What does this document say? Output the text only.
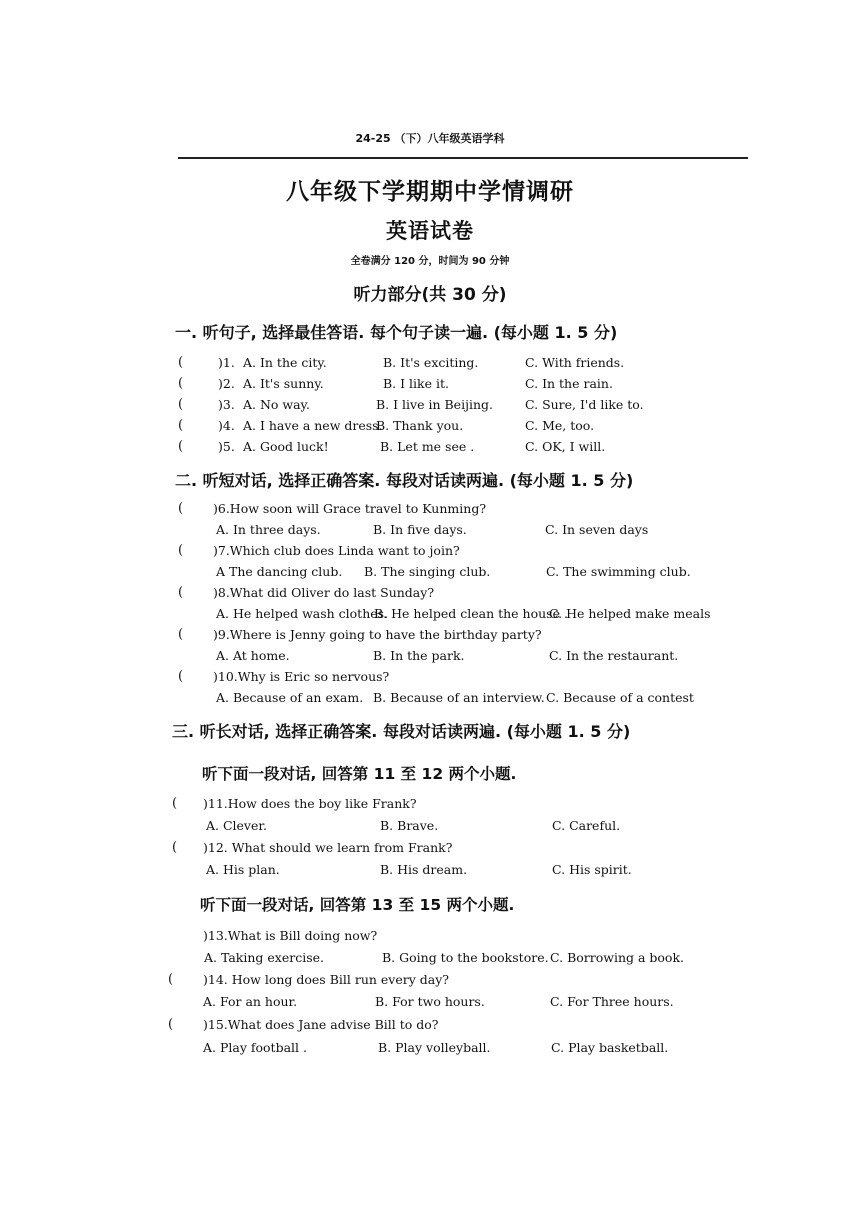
24-25 （下）八年级英语学科
八年级下学期期中学情调研
英语试卷
全卷满分 120 分，时间为 90 分钟
听力部分(共 30 分)
一. 听句子, 选择最佳答语. 每个句子读一遍. (每小题 1. 5 分)
(	)1. A. In the city.	B. It's exciting.	C. With friends.
(	)2. A. It's sunny.	B. I like it.	C. In the rain.
(	)3. A. No way.	B. I live in Beijing.	C. Sure, I'd like to.
(	)4. A. I have a new dress.
B. Thank you.	C. Me, too.
(	)5. A. Good luck!	B. Let me see .	C. OK, I will.
二. 听短对话, 选择正确答案. 每段对话读两遍. (每小题 1. 5 分)
( )6.How soon will Grace travel to Kunming?
A. In three days.	B. In five days.	C. In seven days
( )7.Which club does Linda want to join?
A The dancing club. B. The singing club.	C. The swimming club.
( )8.What did Oliver do last Sunday?
A. He helped wash clothes.
B. He helped clean the house .
C. He helped make meals
( )9.Where is Jenny going to have the birthday party?
A. At home.	B. In the park.	C. In the restaurant.
( )10.Why is Eric so nervous?
A. Because of an exam. B. Because of an interview. C. Because of a contest
三. 听长对话, 选择正确答案. 每段对话读两遍. (每小题 1. 5 分)
听下面一段对话, 回答第 11 至 12 两个小题.
( )11.How does the boy like Frank?
A. Clever.	B. Brave.	C. Careful.
( )12. What should we learn from Frank?
A. His plan.	B. His dream.	C. His spirit.
听下面一段对话, 回答第 13 至 15 两个小题.
)13.What is Bill doing now?
A. Taking exercise.	B. Going to the bookstore. C. Borrowing a book.
( )14. How long does Bill run every day?
A. For an hour.	B. For two hours.	C. For Three hours.
( )15.What does Jane advise Bill to do?
A. Play football .	B. Play volleyball.	C. Play basketball.
